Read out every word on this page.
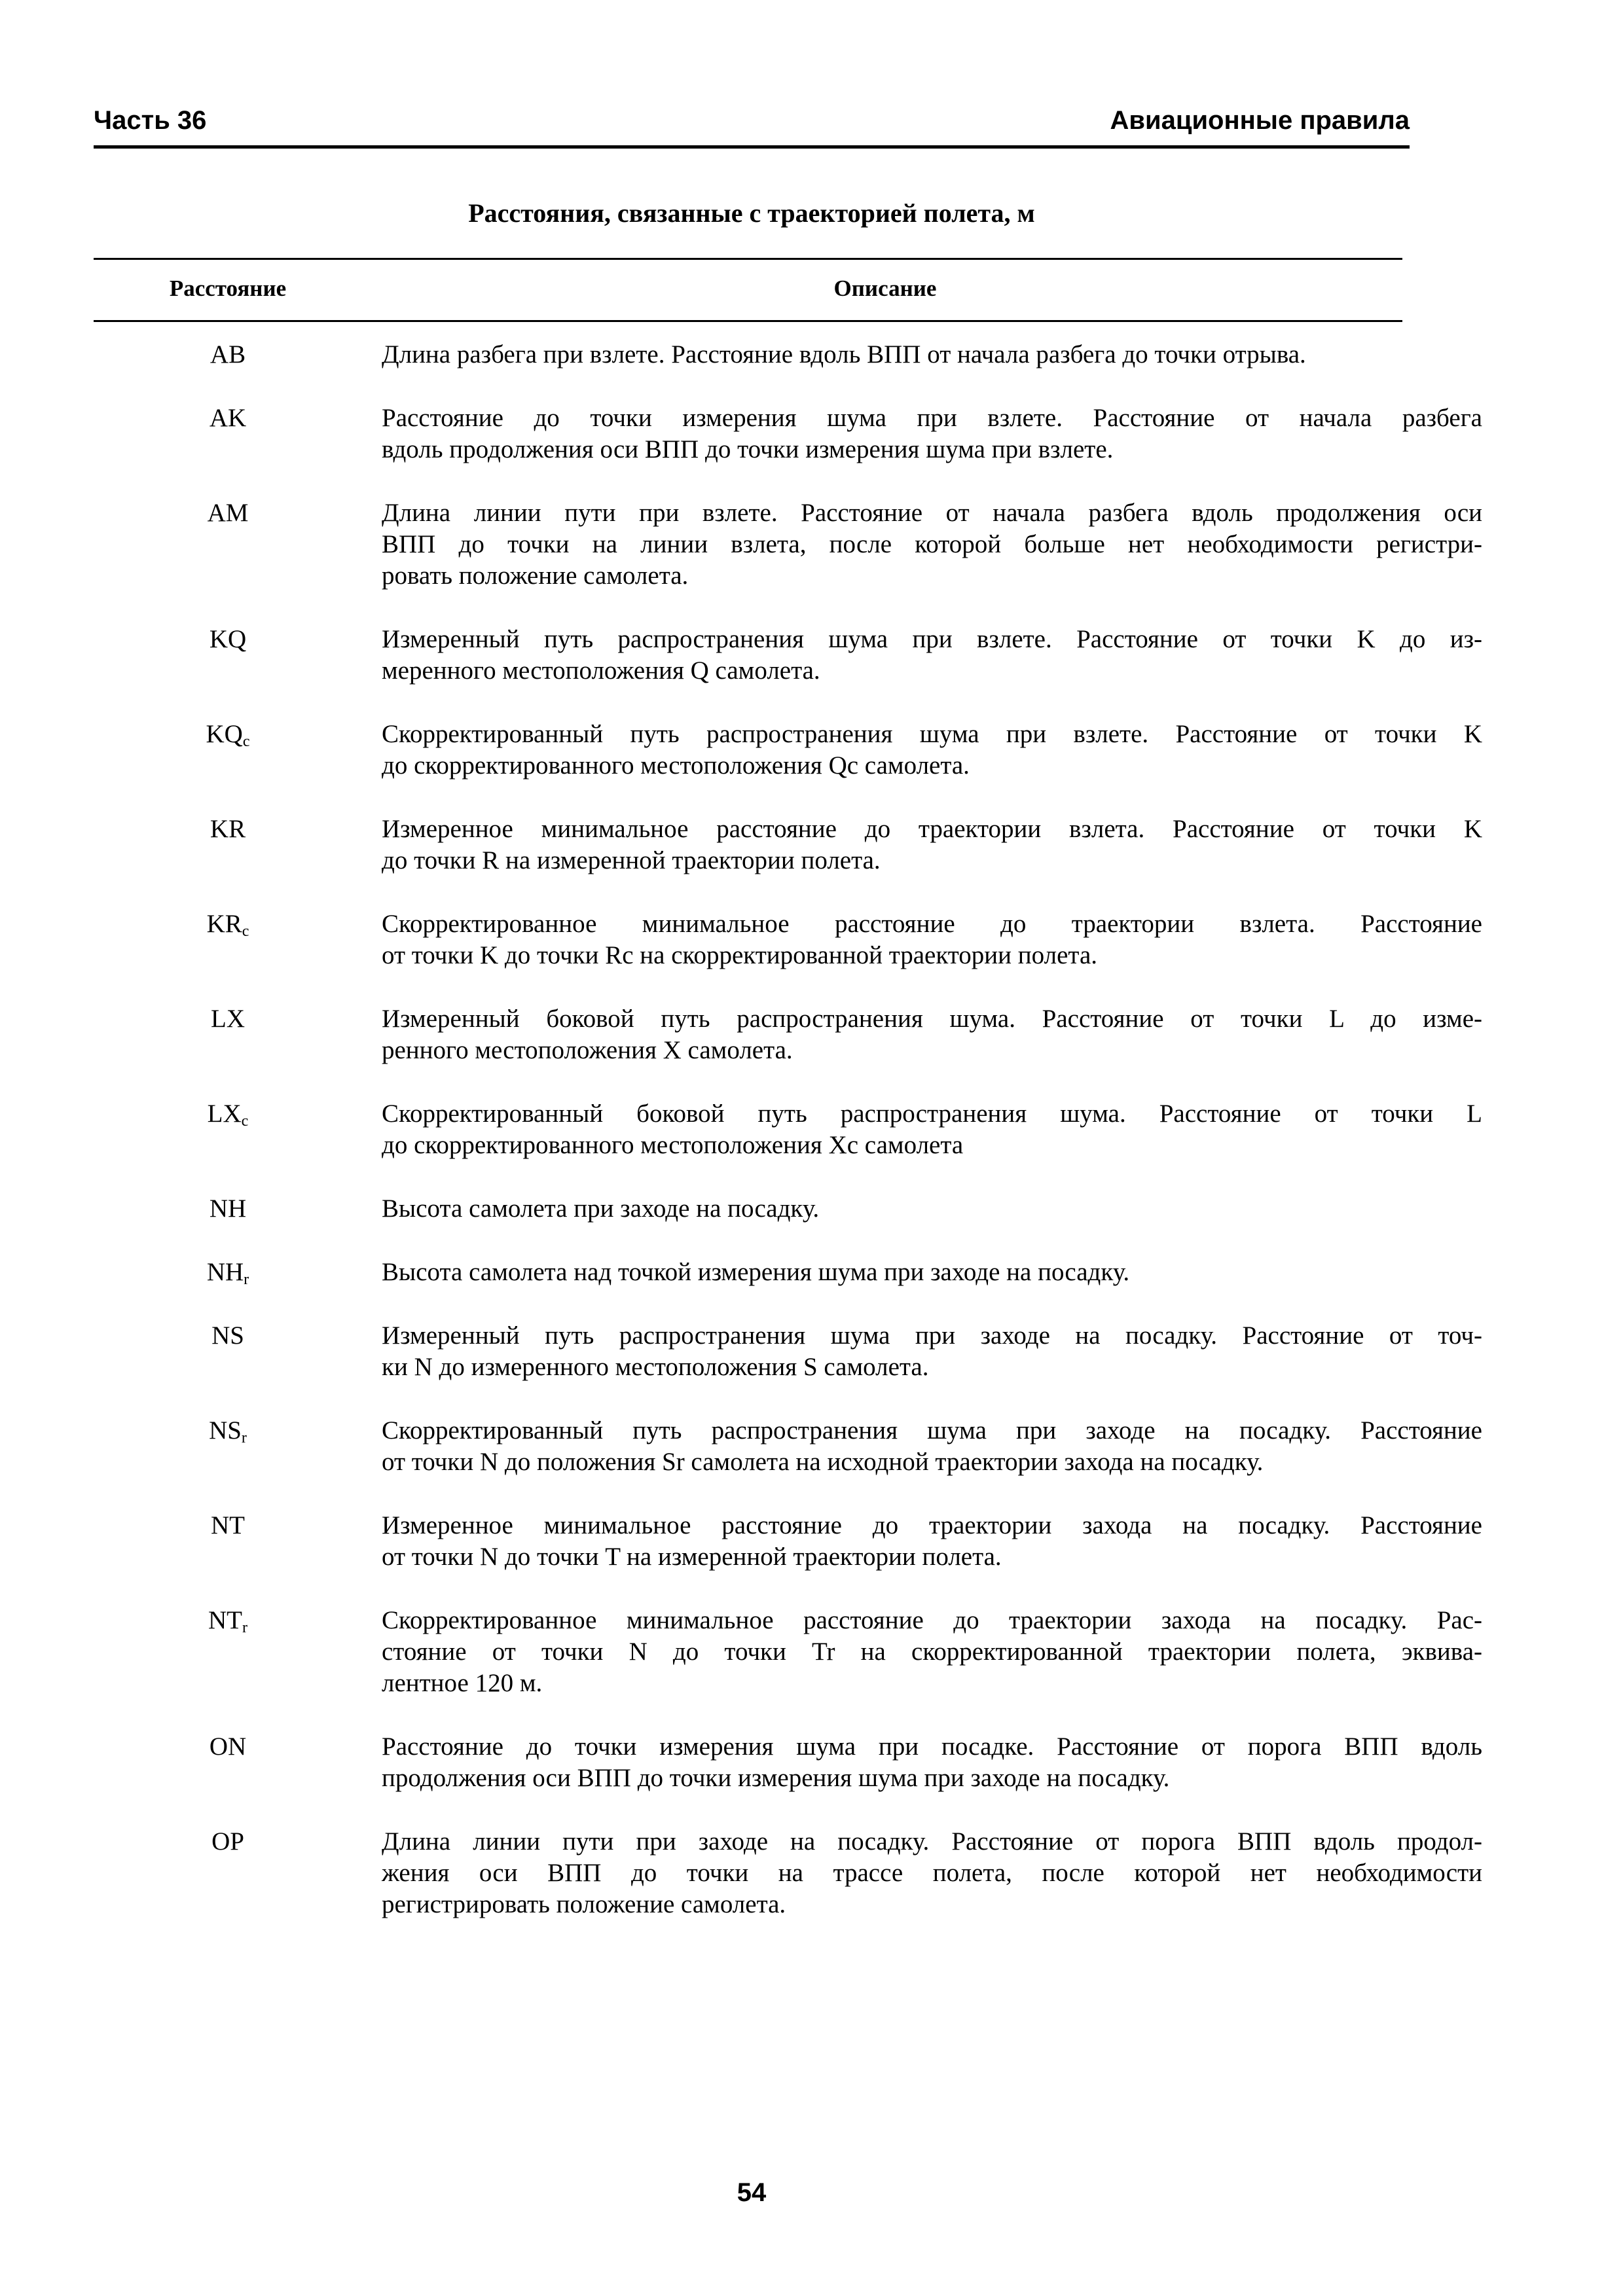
Часть 36	Авиационные правила
Расстояния, связанные с траекторией полета, м
Расстояние	Описание
AB	Длина разбега при взлете. Расстояние вдоль ВПП от начала разбега до точки отрыва.
AK	Расстояние до точки измерения шума при взлете. Расстояние от начала разбега
вдоль продолжения оси ВПП до точки измерения шума при взлете.
AM	Длина линии пути при взлете. Расстояние от начала разбега вдоль продолжения оси
ВПП до точки на линии взлета, после которой больше нет необходимости регистри-
ровать положение самолета.
KQ	Измеренный путь распространения шума при взлете. Расстояние от точки K до из-
меренного местоположения Q самолета.
$KQ_c$	Скорректированный путь распространения шума при взлете. Расстояние от точки K
до скорректированного местоположения Qc самолета.
KR	Измеренное минимальное расстояние до траектории взлета. Расстояние от точки K
до точки R на измеренной траектории полета.
$KR_c$	Скорректированное минимальное расстояние до траектории взлета. Расстояние
от точки K до точки Rc на скорректированной траектории полета.
LX	Измеренный боковой путь распространения шума. Расстояние от точки L до изме-
ренного местоположения X самолета.
$LX_c$	Скорректированный боковой путь распространения шума. Расстояние от точки L
до скорректированного местоположения Xc самолета
NH	Высота самолета при заходе на посадку.
$NH_r$	Высота самолета над точкой измерения шума при заходе на посадку.
NS	Измеренный путь распространения шума при заходе на посадку. Расстояние от точ-
ки N до измеренного местоположения S самолета.
$NS_r$	Скорректированный путь распространения шума при заходе на посадку. Расстояние
от точки N до положения Sr самолета на исходной траектории захода на посадку.
NT	Измеренное минимальное расстояние до траектории захода на посадку. Расстояние
от точки N до точки T на измеренной траектории полета.
$NT_r$	Скорректированное минимальное расстояние до траектории захода на посадку. Рас-
стояние от точки N до точки Tr на скорректированной траектории полета, эквива-
лентное 120 м.
ON	Расстояние до точки измерения шума при посадке. Расстояние от порога ВПП вдоль
продолжения оси ВПП до точки измерения шума при заходе на посадку.
OP	Длина линии пути при заходе на посадку. Расстояние от порога ВПП вдоль продол-
жения оси ВПП до точки на трассе полета, после которой нет необходимости
регистрировать положение самолета.
54
